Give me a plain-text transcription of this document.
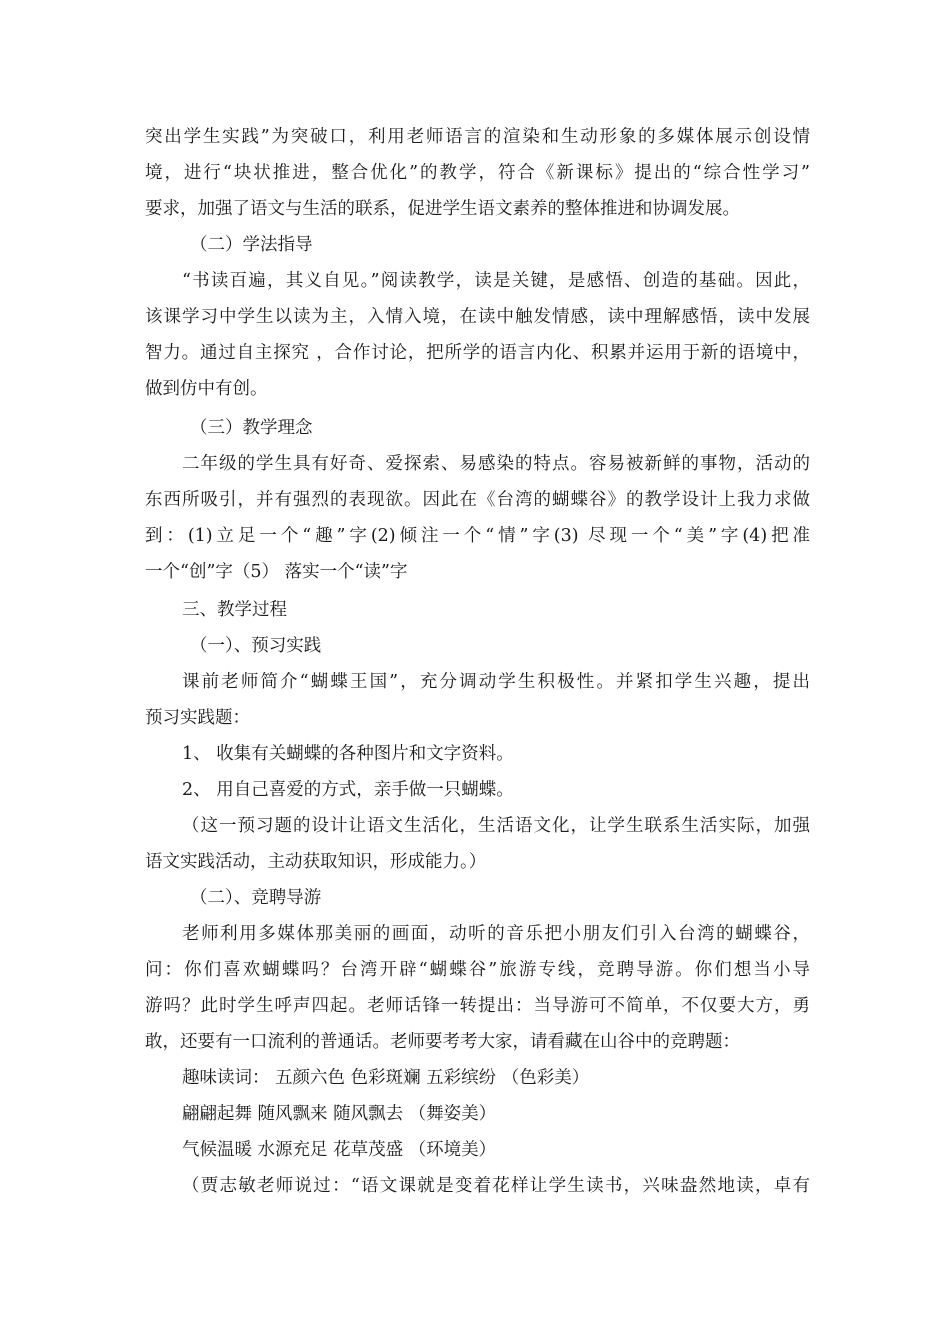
突出学生实践”为突破口，利用老师语言的渲染和生动形象的多媒体展示创设情
境，进行“块状推进，整合优化”的教学，符合《新课标》提出的“综合性学习”
要求，加强了语文与生活的联系，促进学生语文素养的整体推进和协调发展。
（二）学法指导
“书读百遍，其义自见。”阅读教学，读是关键，是感悟、创造的基础。因此，
该课学习中学生以读为主，入情入境，在读中触发情感，读中理解感悟，读中发展
智力。通过自主探究 ，合作讨论，把所学的语言内化、积累并运用于新的语境中，
做到仿中有创。
（三）教学理念
二年级的学生具有好奇、爱探索、易感染的特点。容易被新鲜的事物，活动的
东西所吸引，并有强烈的表现欲。因此在《台湾的蝴蝶谷》的教学设计上我力求做
到：(1)立足一个“趣”字(2)倾注一个“情”字(3) 尽现一个“美”字(4)把准
一个“创”字（5） 落实一个“读”字
三、教学过程
（一）、预习实践
课前老师简介“蝴蝶王国”，充分调动学生积极性。并紧扣学生兴趣，提出
预习实践题：
1、 收集有关蝴蝶的各种图片和文字资料。
2、 用自己喜爱的方式，亲手做一只蝴蝶。
（这一预习题的设计让语文生活化，生活语文化，让学生联系生活实际，加强
语文实践活动，主动获取知识，形成能力。）
（二）、竞聘导游
老师利用多媒体那美丽的画面，动听的音乐把小朋友们引入台湾的蝴蝶谷，
问：你们喜欢蝴蝶吗？台湾开辟“蝴蝶谷”旅游专线，竞聘导游。你们想当小导
游吗？此时学生呼声四起。老师话锋一转提出：当导游可不简单，不仅要大方，勇
敢，还要有一口流利的普通话。老师要考考大家，请看藏在山谷中的竞聘题：
趣味读词： 五颜六色 色彩斑斓 五彩缤纷 （色彩美）
翩翩起舞 随风飘来 随风飘去 （舞姿美）
气候温暖 水源充足 花草茂盛 （环境美）
（贾志敏老师说过：“语文课就是变着花样让学生读书，兴味盎然地读，卓有
